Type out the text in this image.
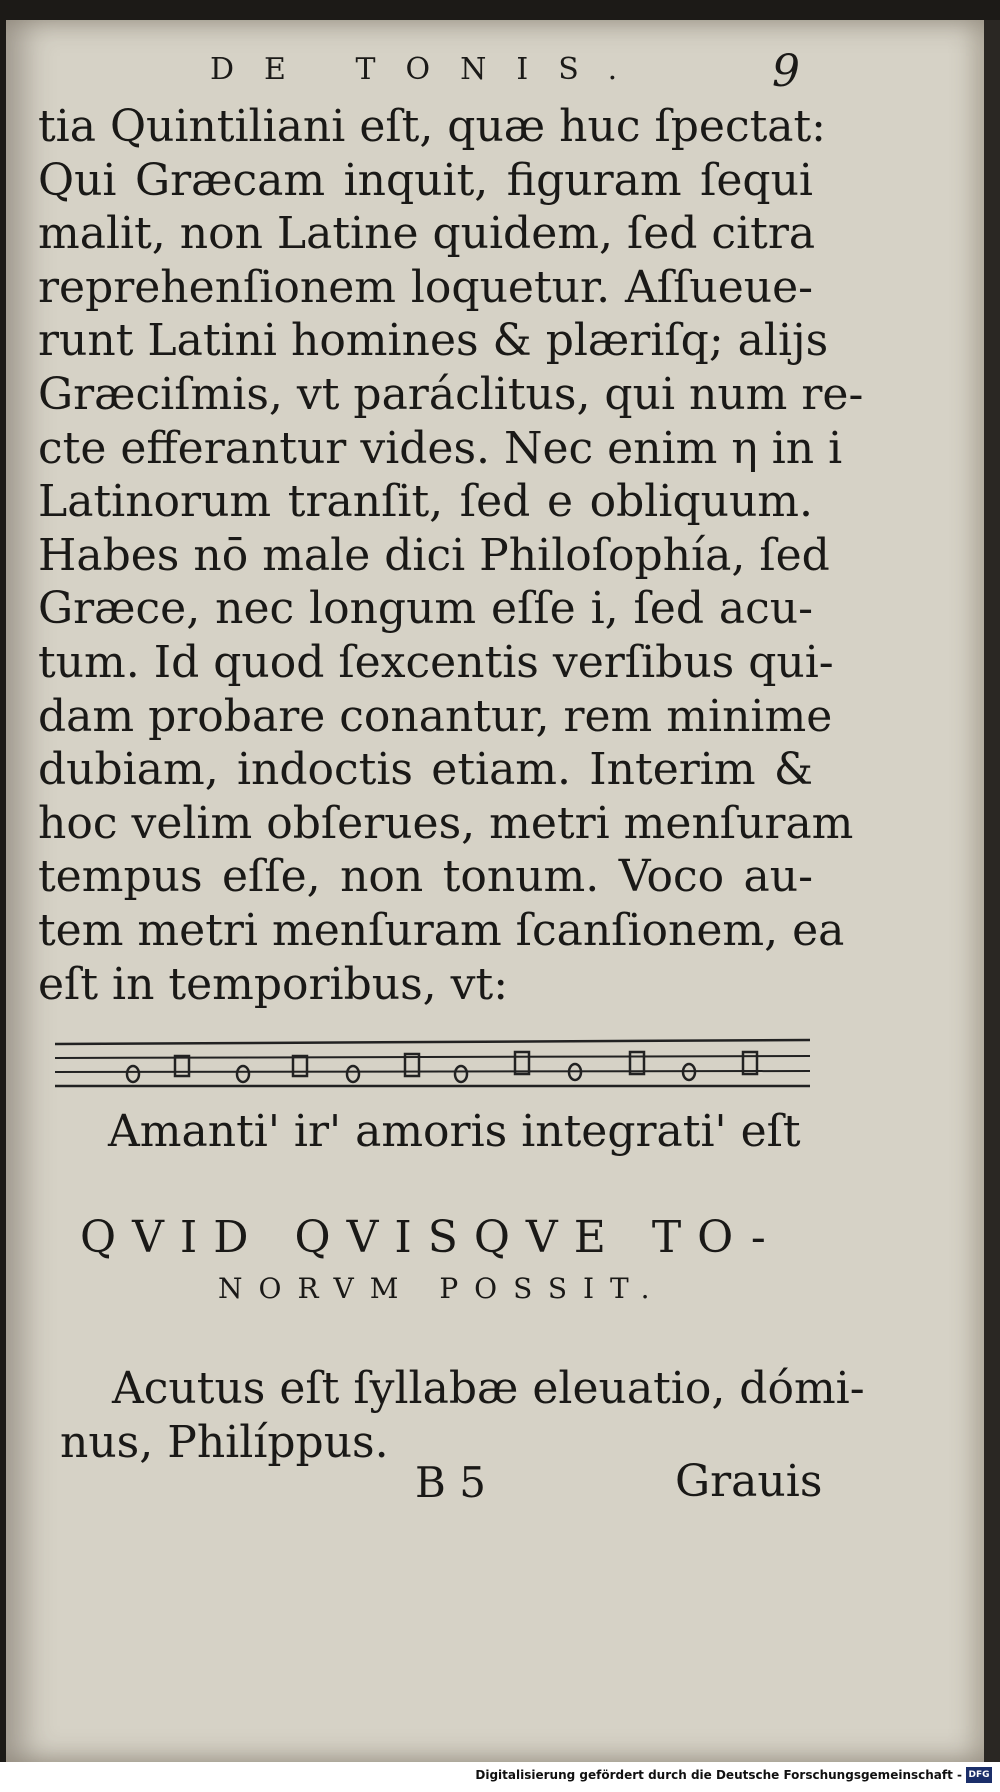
DE TONIS.	9
tia Quintiliani eſt, quæ huc ſpectat:
Qui Græcam inquit, figuram ſequi
malit, non Latine quidem, ſed citra
reprehenſionem loquetur. Aſſueue-
runt Latini homines & plæriſq; alijs
Græciſmis, vt paráclitus, qui num re-
cte efferantur vides. Nec enim η in i
Latinorum tranſit, ſed e obliquum.
Habes nō male dici Philoſophía, ſed
Græce, nec longum eſſe i, ſed acu-
tum. Id quod ſexcentis verſibus qui-
dam probare conantur, rem minime
dubiam, indoctis etiam. Interim &
hoc velim obſerues, metri menſuram
tempus eſſe, non tonum. Voco au-
tem metri menſuram ſcanſionem, ea
eſt in temporibus, vt:
Amanti' ir' amoris integrati' eſt
QVID QVISQVE TO-
NORVM POSSIT.
Acutus eſt ſyllabæ eleuatio, dómi-
nus, Philíppus.
B 5	Grauis
Digitalisierung gefördert durch die Deutsche Forschungsgemeinschaft - DFG
